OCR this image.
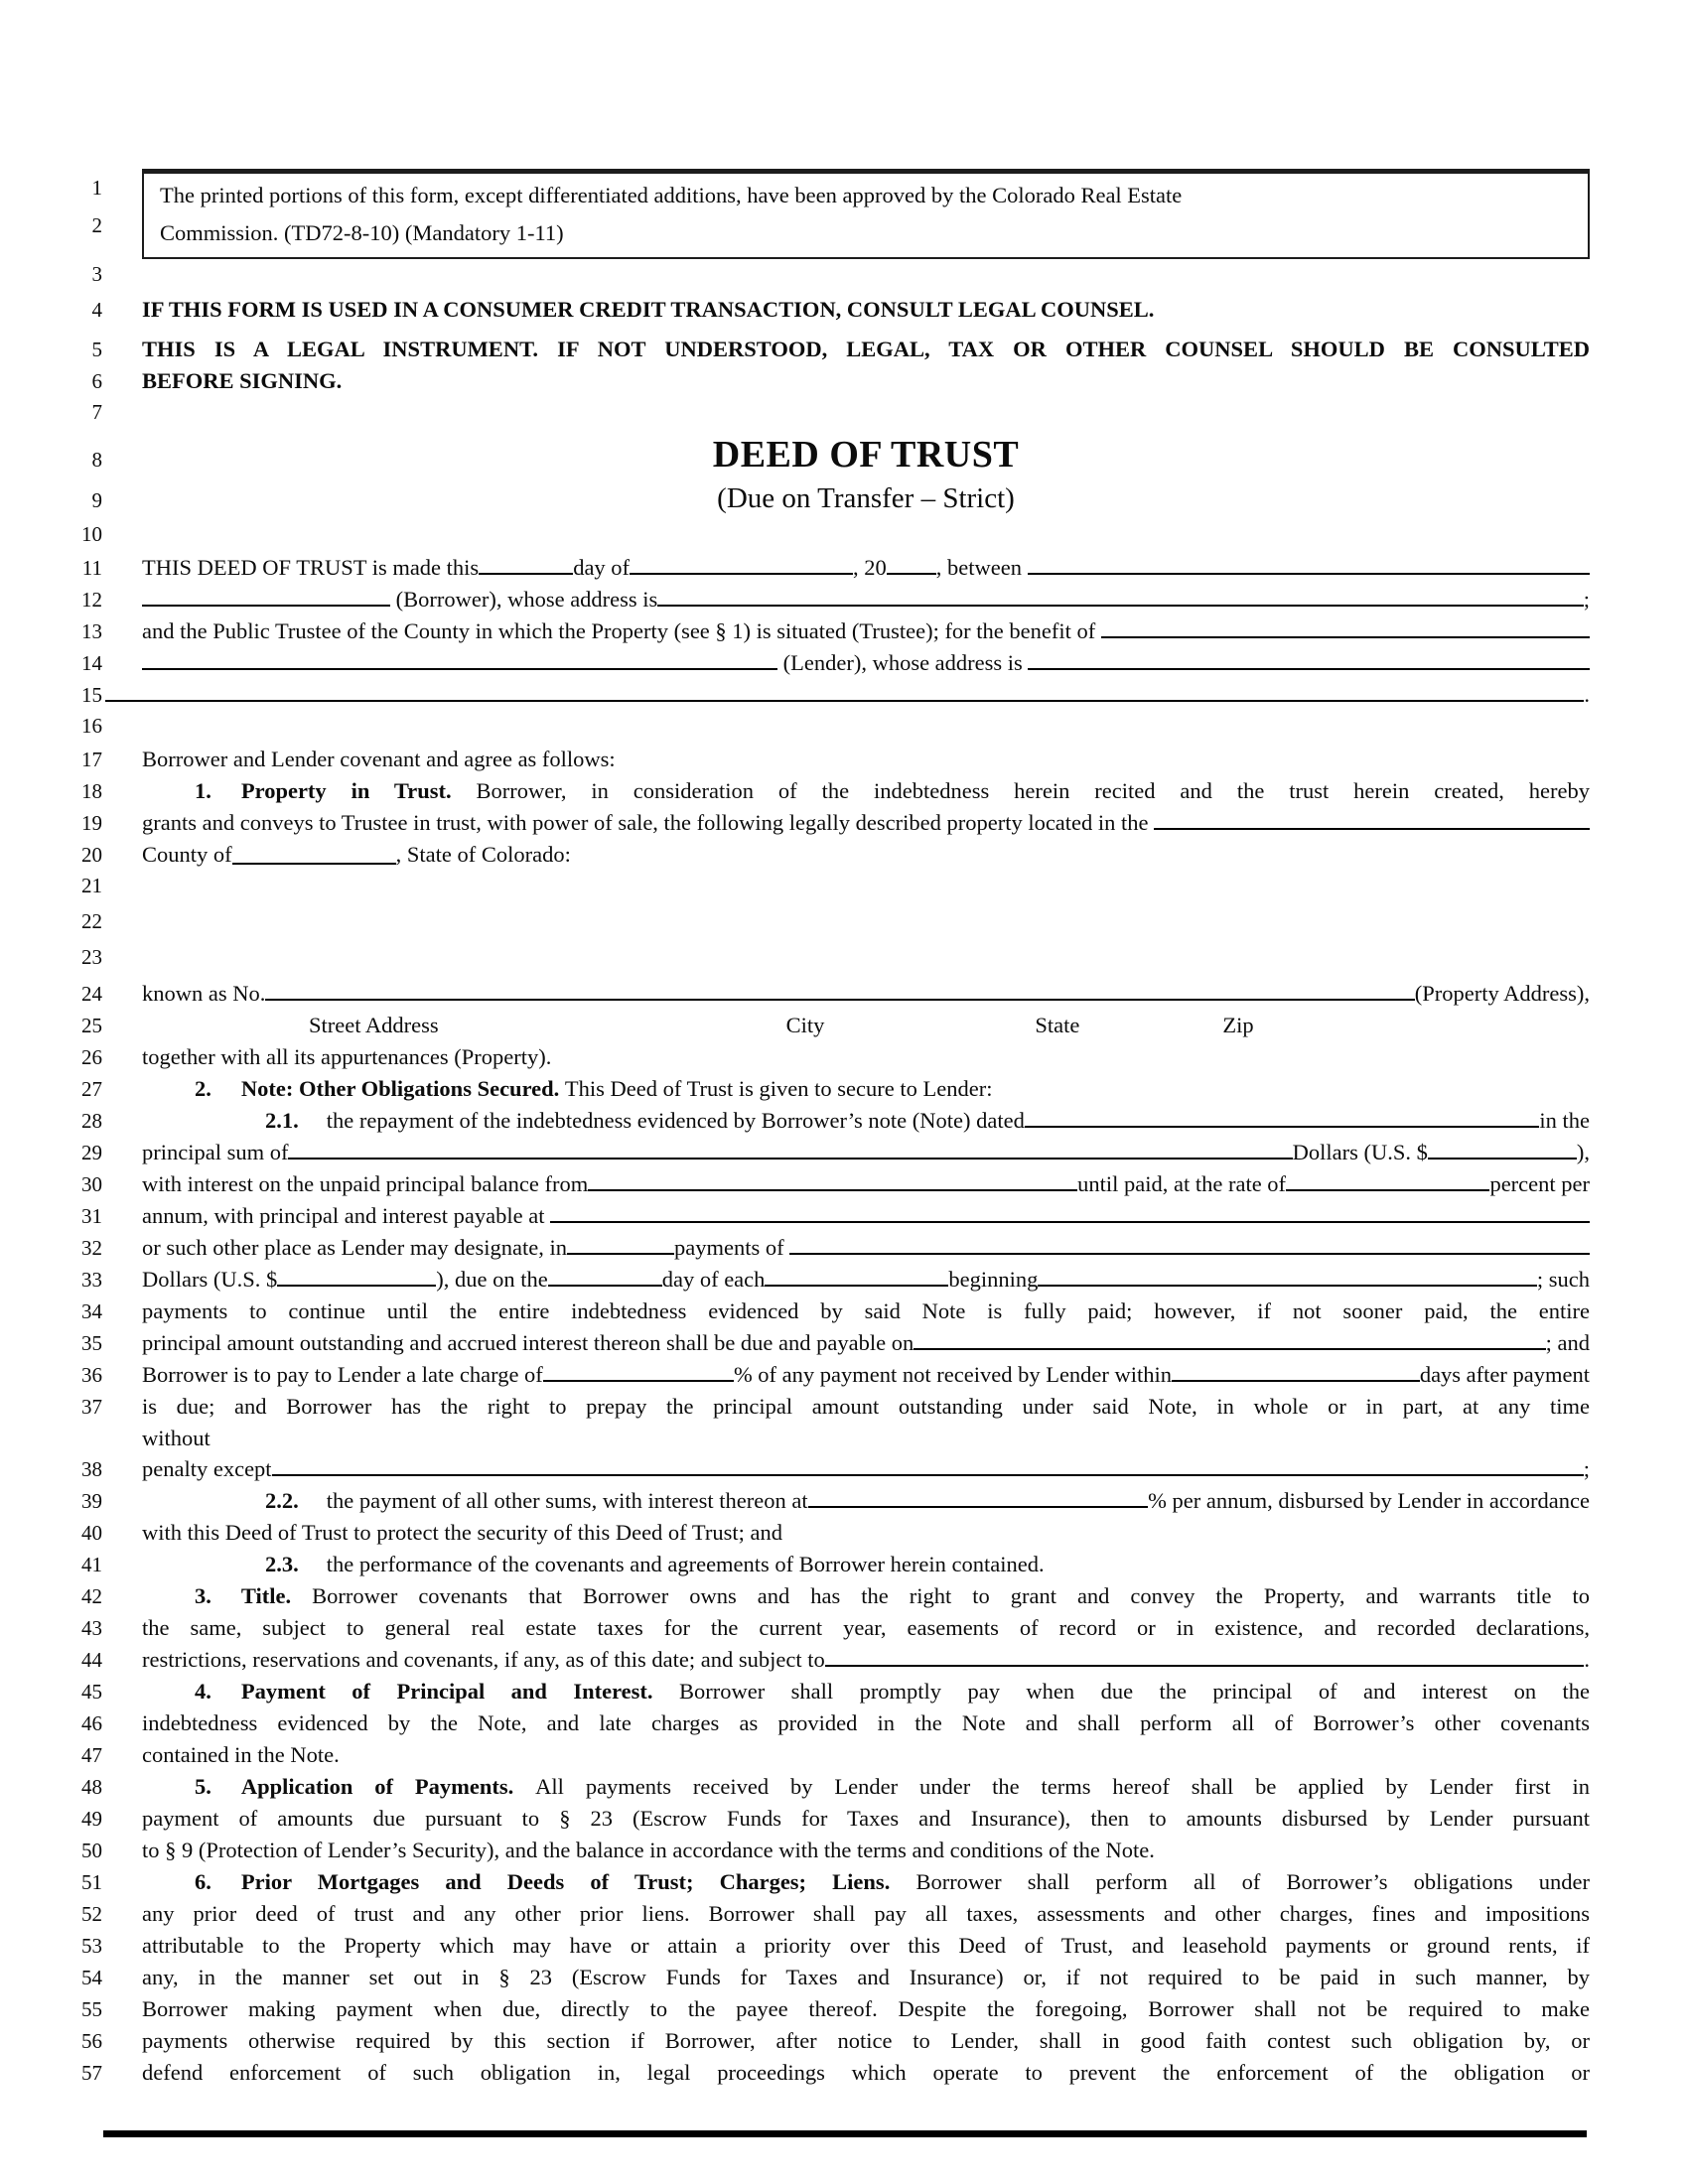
1
2
The printed portions of this form, except differentiated additions, have been approved by the Colorado Real Estate
Commission. (TD72-8-10) (Mandatory 1-11)
3
4 IF THIS FORM IS USED IN A CONSUMER CREDIT TRANSACTION, CONSULT LEGAL COUNSEL.
5 THIS IS A LEGAL INSTRUMENT. IF NOT UNDERSTOOD, LEGAL, TAX OR OTHER COUNSEL SHOULD BE CONSULTED
6 BEFORE SIGNING.
7
8	DEED OF TRUST
9	(Due on Transfer – Strict)
10
11 THIS DEED OF TRUST is made this	day of	, 20 , between
12	(Borrower), whose address is	;
13 and the Public Trustee of the County in which the Property (see § 1) is situated (Trustee); for the benefit of
14	(Lender), whose address is
15	.
16
17 Borrower and Lender covenant and agree as follows:
18	1. Property in Trust. Borrower, in consideration of the indebtedness herein recited and the trust herein created, hereby
19 grants and conveys to Trustee in trust, with power of sale, the following legally described property located in the
20 County of	, State of Colorado:
21
22
23
24 known as No.	(Property Address),
25	Street Address	City	State	Zip
26 together with all its appurtenances (Property).
27	2. Note: Other Obligations Secured. This Deed of Trust is given to secure to Lender:
28	2.1. the repayment of the indebtedness evidenced by Borrower’s note (Note) dated	in the
29 principal sum of	Dollars (U.S. $	),
30 with interest on the unpaid principal balance from	until paid, at the rate of	percent per
31 annum, with principal and interest payable at
32 or such other place as Lender may designate, in	payments of
33 Dollars (U.S. $	), due on the	day of each	beginning	; such
34 payments to continue until the entire indebtedness evidenced by said Note is fully paid; however, if not sooner paid, the entire
35 principal amount outstanding and accrued interest thereon shall be due and payable on	; and
36 Borrower is to pay to Lender a late charge of	% of any payment not received by Lender within	days after payment
37 is due; and Borrower has the right to prepay the principal amount outstanding under said Note, in whole or in part, at any time
without
38 penalty except	;
39	2.2. the payment of all other sums, with interest thereon at	% per annum, disbursed by Lender in accordance
40 with this Deed of Trust to protect the security of this Deed of Trust; and
41	2.3. the performance of the covenants and agreements of Borrower herein contained.
42	3. Title. Borrower covenants that Borrower owns and has the right to grant and convey the Property, and warrants title to
43 the same, subject to general real estate taxes for the current year, easements of record or in existence, and recorded declarations,
44 restrictions, reservations and covenants, if any, as of this date; and subject to	.
45	4. Payment of Principal and Interest. Borrower shall promptly pay when due the principal of and interest on the
46 indebtedness evidenced by the Note, and late charges as provided in the Note and shall perform all of Borrower’s other covenants
47 contained in the Note.
48	5. Application of Payments. All payments received by Lender under the terms hereof shall be applied by Lender first in
49 payment of amounts due pursuant to § 23 (Escrow Funds for Taxes and Insurance), then to amounts disbursed by Lender pursuant
50 to § 9 (Protection of Lender’s Security), and the balance in accordance with the terms and conditions of the Note.
51	6. Prior Mortgages and Deeds of Trust; Charges; Liens. Borrower shall perform all of Borrower’s obligations under
52 any prior deed of trust and any other prior liens. Borrower shall pay all taxes, assessments and other charges, fines and impositions
53 attributable to the Property which may have or attain a priority over this Deed of Trust, and leasehold payments or ground rents, if
54 any, in the manner set out in § 23 (Escrow Funds for Taxes and Insurance) or, if not required to be paid in such manner, by
55 Borrower making payment when due, directly to the payee thereof. Despite the foregoing, Borrower shall not be required to make
56 payments otherwise required by this section if Borrower, after notice to Lender, shall in good faith contest such obligation by, or
57 defend enforcement of such obligation in, legal proceedings which operate to prevent the enforcement of the obligation or
